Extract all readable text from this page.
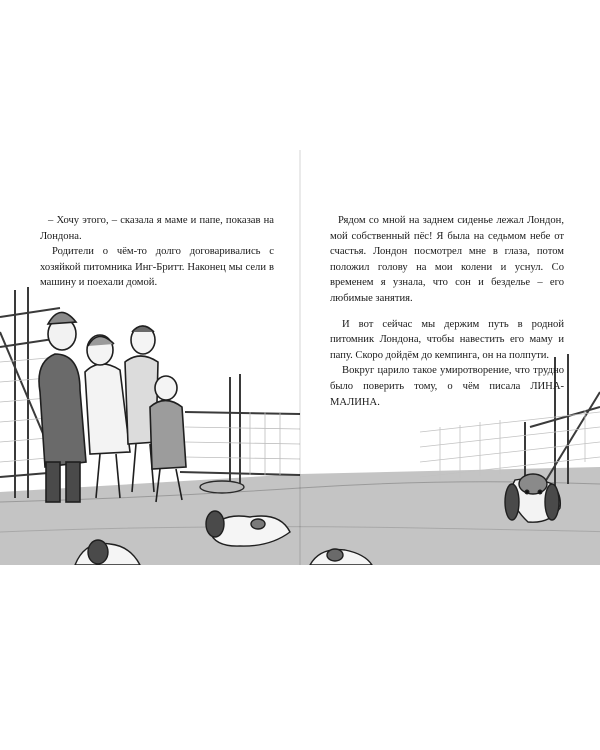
– Хочу этого, – сказала я маме и папе, показав на Лондона.

Родители о чём-то долго договаривались с хозяйкой питомника Инг-Бритт. Наконец мы сели в машину и поехали домой.

Рядом со мной на заднем сиденье лежал Лондон, мой собственный пёс! Я была на седьмом небе от счастья. Лондон посмотрел мне в глаза, потом положил голову на мои колени и уснул. Со временем я узнала, что сон и безделье – его любимые занятия.

И вот сейчас мы держим путь в родной питомник Лондона, чтобы навестить его маму и папу. Скоро дойдём до кемпинга, он на полпути.

Вокруг царило такое умиротворение, что трудно было поверить тому, о чём писала ЛИНА-МАЛИНА.
